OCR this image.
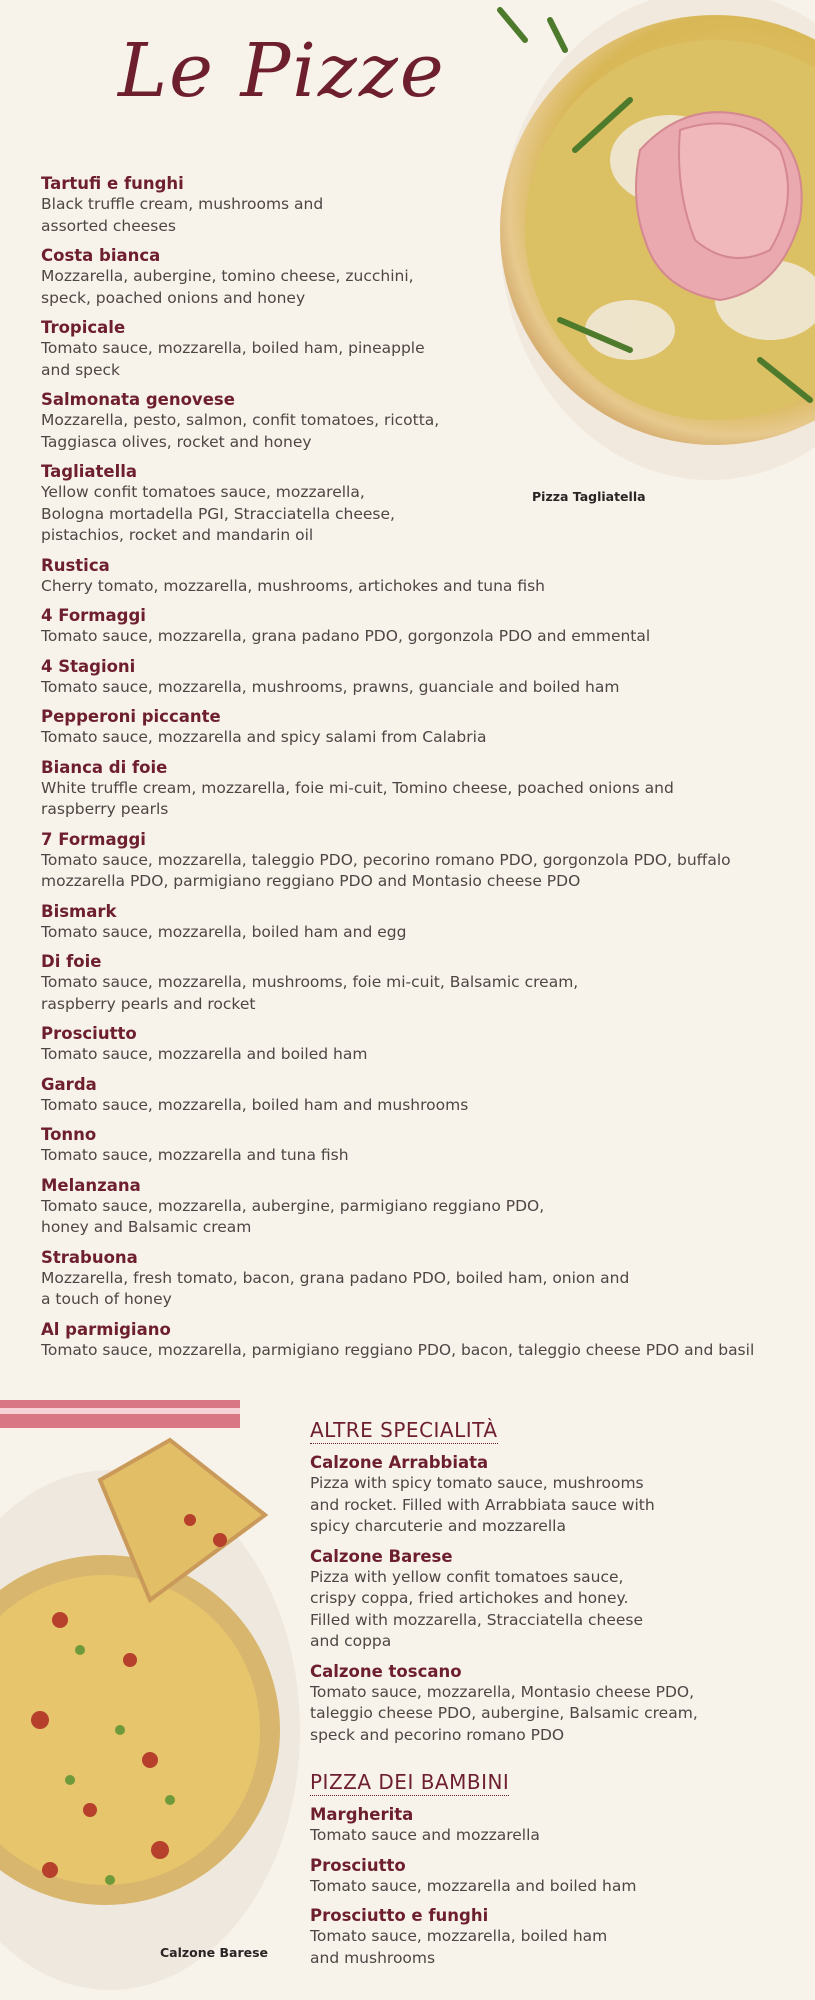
Le Pizze
Pizza Tagliatella
Tartufi e funghi
Black truffle cream, mushrooms and
assorted cheeses
Costa bianca
Mozzarella, aubergine, tomino cheese, zucchini,
speck, poached onions and honey
Tropicale
Tomato sauce, mozzarella, boiled ham, pineapple
and speck
Salmonata genovese
Mozzarella, pesto, salmon, confit tomatoes, ricotta,
Taggiasca olives, rocket and honey
Tagliatella
Yellow confit tomatoes sauce, mozzarella,
Bologna mortadella PGI, Stracciatella cheese,
pistachios, rocket and mandarin oil
Rustica
Cherry tomato, mozzarella, mushrooms, artichokes and tuna fish
4 Formaggi
Tomato sauce, mozzarella, grana padano PDO, gorgonzola PDO and emmental
4 Stagioni
Tomato sauce, mozzarella, mushrooms, prawns, guanciale and boiled ham
Pepperoni piccante
Tomato sauce, mozzarella and spicy salami from Calabria
Bianca di foie
White truffle cream, mozzarella, foie mi-cuit, Tomino cheese, poached onions and
raspberry pearls
7 Formaggi
Tomato sauce, mozzarella, taleggio PDO, pecorino romano PDO, gorgonzola PDO, buffalo
mozzarella PDO, parmigiano reggiano PDO and Montasio cheese PDO
Bismark
Tomato sauce, mozzarella, boiled ham and egg
Di foie
Tomato sauce, mozzarella, mushrooms, foie mi-cuit, Balsamic cream,
raspberry pearls and rocket
Prosciutto
Tomato sauce, mozzarella and boiled ham
Garda
Tomato sauce, mozzarella, boiled ham and mushrooms
Tonno
Tomato sauce, mozzarella and tuna fish
Melanzana
Tomato sauce, mozzarella, aubergine, parmigiano reggiano PDO,
honey and Balsamic cream
Strabuona
Mozzarella, fresh tomato, bacon, grana padano PDO, boiled ham, onion and
a touch of honey
Al parmigiano
Tomato sauce, mozzarella, parmigiano reggiano PDO, bacon, taleggio cheese PDO and basil
Calzone Barese
ALTRE SPECIALITÀ
Calzone Arrabbiata
Pizza with spicy tomato sauce, mushrooms
and rocket. Filled with Arrabbiata sauce with
spicy charcuterie and mozzarella
Calzone Barese
Pizza with yellow confit tomatoes sauce,
crispy coppa, fried artichokes and honey.
Filled with mozzarella, Stracciatella cheese
and coppa
Calzone toscano
Tomato sauce, mozzarella, Montasio cheese PDO,
taleggio cheese PDO, aubergine, Balsamic cream,
speck and pecorino romano PDO
PIZZA DEI BAMBINI
Margherita
Tomato sauce and mozzarella
Prosciutto
Tomato sauce, mozzarella and boiled ham
Prosciutto e funghi
Tomato sauce, mozzarella, boiled ham
and mushrooms
